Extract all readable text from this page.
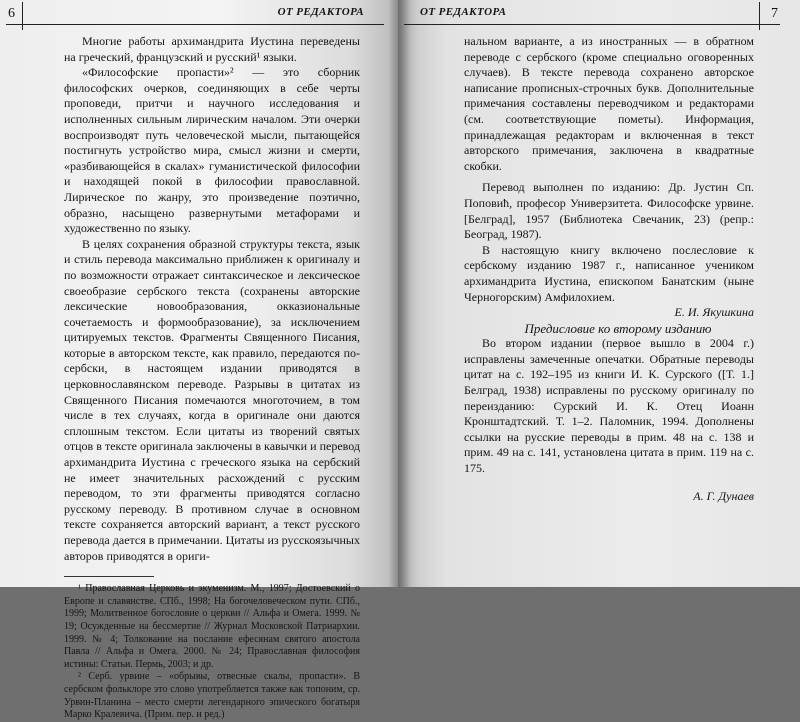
6	ОТ РЕДАКТОРА

Многие работы архимандрита Иустина переведены на греческий, французский и русский¹ языки.

«Философские пропасти»² — это сборник философских очерков, соединяющих в себе черты проповеди, притчи и научного исследования и исполненных сильным лирическим началом. Эти очерки воспроизводят путь человеческой мысли, пытающейся постигнуть устройство мира, смысл жизни и смерти, «разбивающейся в скалах» гуманистической философии и находящей покой в философии православной. Лирическое по жанру, это произведение поэтично, образно, насыщено развернутыми метафорами и художественно по языку.

В целях сохранения образной структуры текста, язык и стиль перевода максимально приближен к оригиналу и по возможности отражает синтаксическое и лексическое своеобразие сербского текста (сохранены авторские лексические новообразования, окказиональные сочетаемость и формообразование), за исключением цитируемых текстов. Фрагменты Священного Писания, которые в авторском тексте, как правило, передаются по-сербски, в настоящем издании приводятся в церковнославянском переводе. Разрывы в цитатах из Священного Писания помечаются многоточием, в том числе в тех случаях, когда в оригинале они даются сплошным текстом. Если цитаты из творений святых отцов в тексте оригинала заключены в кавычки и перевод архимандрита Иустина с греческого языка на сербский не имеет значительных расхождений с русским переводом, то эти фрагменты приводятся согласно русскому переводу. В противном случае в основном тексте сохраняется авторский вариант, а текст русского перевода дается в примечании. Цитаты из русскоязычных авторов приводятся в ориги-

¹ Православная Церковь и экуменизм. М., 1997; Достоевский о Европе и славянстве. СПб., 1998; На богочеловеческом пути. СПб., 1999; Молитвенное богословие о церкви // Альфа и Омега. 1999. № 19; Осужденные на бессмертие // Журнал Московской Патриархии. 1999. № 4; Толкование на послание ефесянам святого апостола Павла // Альфа и Омега. 2000. № 24; Православная философия истины: Статьи. Пермь, 2003; и др.

² Серб. урвине – «обрывы, отвесные скалы, пропасти». В сербском фольклоре это слово употребляется также как топоним, ср. Урвин-Планина – место смерти легендарного эпического богатыря Марко Кралевича. (Прим. пер. и ред.)

ОТ РЕДАКТОРА	7

нальном варианте, а из иностранных — в обратном переводе с сербского (кроме специально оговоренных случаев). В тексте перевода сохранено авторское написание прописных-строчных букв. Дополнительные примечания составлены переводчиком и редакторами (см. соответствующие пометы). Информация, принадлежащая редакторам и включенная в текст авторского примечания, заключена в квадратные скобки.

Перевод выполнен по изданию: Др. Јустин Сп. Поповић, професор Универзитета. Философске урвине. [Белград], 1957 (Библиотека Свечаник, 23) (репр.: Београд, 1987).

В настоящую книгу включено послесловие к сербскому изданию 1987 г., написанное учеником архимандрита Иустина, епископом Банатским (ныне Черногорским) Амфилохием.

Е. И. Якушкина

Предисловие ко второму изданию

Во втором издании (первое вышло в 2004 г.) исправлены замеченные опечатки. Обратные переводы цитат на с. 192–195 из книги И. К. Сурского ([Т. 1.] Белград, 1938) исправлены по русскому оригиналу по переизданию: Сурский И. К. Отец Иоанн Кронштадтский. Т. 1–2. Паломник, 1994. Дополнены ссылки на русские переводы в прим. 48 на с. 138 и прим. 49 на с. 141, установлена цитата в прим. 119 на с. 175.

А. Г. Дунаев
